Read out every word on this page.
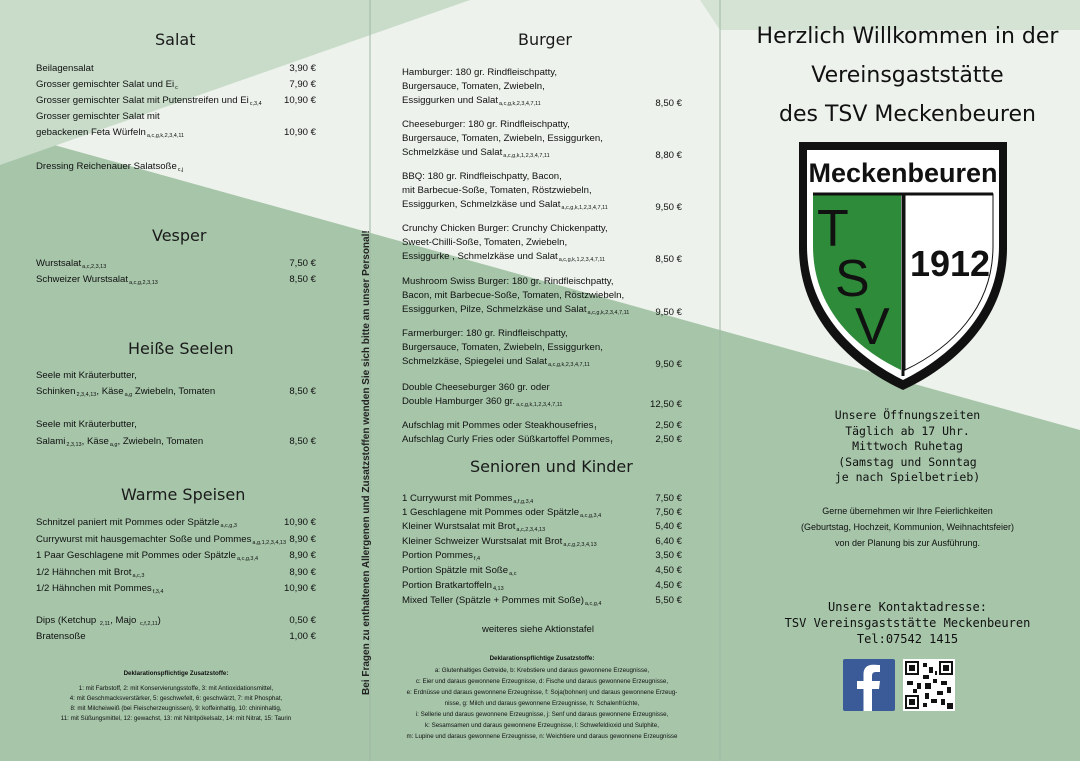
Salat
Beilagensalat	3,90 €
Grosser gemischter Salat und $Ei_c$	7,90 €
Grosser gemischter Salat mit Putenstreifen und $Ei_{c,3,4}$ 10,90 €
Grosser gemischter Salat mit
gebackenen Feta Würfeln$_{a,c,g,k,2,3,4,11}$	10,90 €
Dressing Reichenauer Salatsoße$_{c,j}$
Vesper
Wurstsalat$_{a,c,2,3,13}$	7,50 €
Schweizer Wurstsalat$_{a,c,g,2,3,13}$	8,50 €
Heiße Seelen
Seele mit Kräuterbutter,
Schinken$_{2,3,4,13}$, Käse$_{a,g}$ Zwiebeln, Tomaten	8,50 €
Seele mit Kräuterbutter,
Salami$_{2,3,13}$, Käse$_{a,g}$, Zwiebeln, Tomaten	8,50 €
Warme Speisen
Schnitzel paniert mit Pommes oder Spätzle$_{a,c,g,3}$	10,90 €
Currywurst mit hausgemachter Soße und Pommes$_{a,g,1,2,3,4,13}$ 8,90 €
1 Paar Geschlagene mit Pommes oder Spätzle$_{a,c,g,3,4}$	8,90 €
1/2 Hähnchen mit Brot$_{a,c,3}$	8,90 €
1/2 Hähnchen mit Pommes$_{f,3,4}$	10,90 €
Dips (Ketchup $_{2,11}$, Majo $_{c,f,2,11}$)	0,50 €
Bratensoße	1,00 €
Deklarationspflichtige Zusatzstoffe:
1: mit Farbstoff, 2: mit Konservierungsstoffe, 3: mit Antioxidationsmittel,
4: mit Geschmacksverstärker, 5: geschwefelt, 6: geschwärzt, 7: mit Phosphat,
8: mit Milcheiweiß (bei Fleischerzeugnissen), 9: koffeinhaltig, 10: chininhaltig,
11: mit Süßungsmittel, 12: gewachst, 13: mit Nitritpökelsalz, 14: mit Nitrat, 15: Taurin
Bei Fragen zu enthaltenen Allergenen und Zusatzstoffen wenden Sie sich bitte an unser Personal!
Burger
Hamburger: 180 gr. Rindfleischpatty,
Burgersauce, Tomaten, Zwiebeln,
Essiggurken und Salat$_{a,c,g,k,2,3,4,7,11}$	8,50 €
Cheeseburger: 180 gr. Rindfleischpatty,
Burgersauce, Tomaten, Zwiebeln, Essiggurken,
Schmelzkäse und Salat$_{a,c,g,k,1,2,3,4,7,11}$	8,80 €
BBQ: 180 gr. Rindfleischpatty, Bacon,
mit Barbecue-Soße, Tomaten, Röstzwiebeln,
Essiggurken, Schmelzkäse und Salat$_{a,c,g,k,1,2,3,4,7,11}$	9,50 €
Crunchy Chicken Burger: Crunchy Chickenpatty,
Sweet-Chilli-Soße, Tomaten, Zwiebeln,
Essiggurke , Schmelzkäse und Salat$_{a,c,g,k,1,2,3,4,7,11}$	8,50 €
Mushroom Swiss Burger: 180 gr. Rindfleischpatty,
Bacon, mit Barbecue-Soße, Tomaten, Röstzwiebeln,
Essiggurken, Pilze, Schmelzkäse und Salat$_{a,c,g,k,2,3,4,7,11}$	9,50 €
Farmerburger: 180 gr. Rindfleischpatty,
Burgersauce, Tomaten, Zwiebeln, Essiggurken,
Schmelzkäse, Spiegelei und Salat$_{a,c,g,k,2,3,4,7,11}$	9,50 €
Double Cheeseburger 360 gr. oder
Double Hamburger 360 $gr._{a,c,g,k,1,2,3,4,7,11}$	12,50 €
Aufschlag mit Pommes oder Steakhousefries$_f$	2,50 €
Aufschlag Curly Fries oder Süßkartoffel Pommes$_f$	2,50 €
Senioren und Kinder
1 Currywurst mit Pommes$_{a,f,g,3,4}$	7,50 €
1 Geschlagene mit Pommes oder Spätzle$_{a,c,g,3,4}$	7,50 €
Kleiner Wurstsalat mit Brot$_{a,c,2,3,4,13}$	5,40 €
Kleiner Schweizer Wurstsalat mit Brot$_{a,c,g,2,3,4,13}$	6,40 €
Portion Pommes$_{f,4}$	3,50 €
Portion Spätzle mit Soße$_{a,c}$	4,50 €
Portion Bratkartoffeln$_{4,13}$	4,50 €
Mixed Teller (Spätzle + Pommes mit $Soße)_{a,c,g,4}$	5,50 €
weiteres siehe Aktionstafel
Deklarationspflichtige Zusatzstoffe:
a: Glutenhaltiges Getreide, b: Krebstiere und daraus gewonnene Erzeugnisse,
c: Eier und daraus gewonnene Erzeugnisse, d: Fische und daraus gewonnene Erzeugnisse,
e: Erdnüsse und daraus gewonnene Erzeugnisse, f: Soja(bohnen) und daraus gewonnene Erzeug-
nisse, g: Milch und daraus gewonnene Erzeugnisse, h: Schalenfrüchte,
i: Sellerie und daraus gewonnene Erzeugnisse, j: Senf und daraus gewonnene Erzeugnisse,
k: Sesamsamen und daraus gewonnene Erzeugnisse, l: Schwefeldioxid und Sulphite,
m: Lupine und daraus gewonnene Erzeugnisse, n: Weichtiere und daraus gewonnene Erzeugnisse
Herzlich Willkommen in der
Vereinsgaststätte
des TSV Meckenbeuren
Meckenbeuren
T
S
V
1912
Unsere Öffnungszeiten
Täglich ab 17 Uhr.
Mittwoch Ruhetag
(Samstag und Sonntag
je nach Spielbetrieb)
Gerne übernehmen wir Ihre Feierlichkeiten
(Geburtstag, Hochzeit, Kommunion, Weihnachtsfeier)
von der Planung bis zur Ausführung.
Unsere Kontaktadresse:
TSV Vereinsgaststätte Meckenbeuren
Tel:07542 1415
